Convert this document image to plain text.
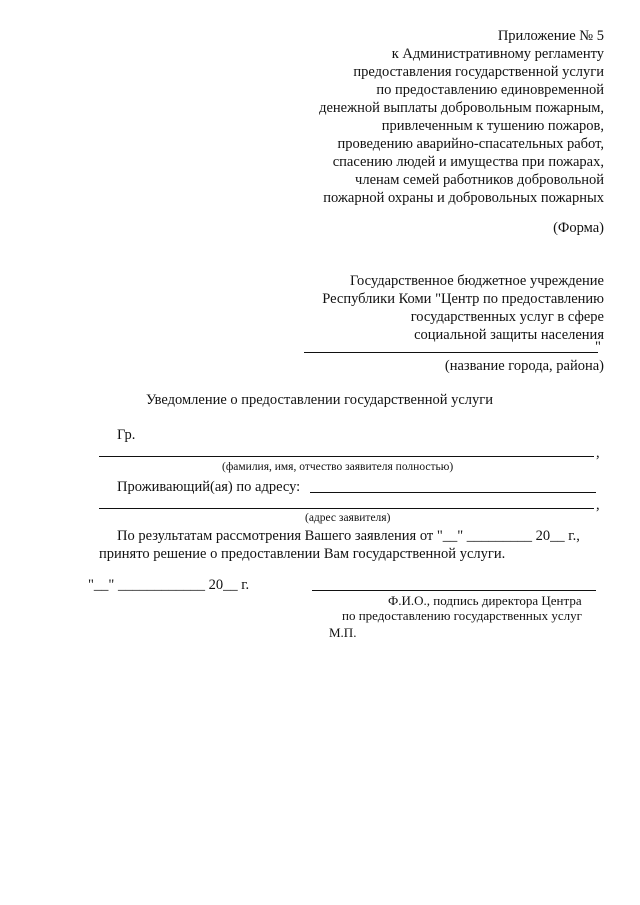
Приложение № 5
к Административному регламенту
предоставления государственной услуги
по предоставлению единовременной
денежной выплаты добровольным пожарным,
привлеченным к тушению пожаров,
проведению аварийно-спасательных работ,
спасению людей и имущества при пожарах,
членам семей работников добровольной
пожарной охраны и добровольных пожарных
(Форма)
Государственное бюджетное учреждение
Республики Коми "Центр по предоставлению
государственных услуг в сфере
социальной защиты населения
"
(название города, района)
Уведомление о предоставлении государственной услуги
Гр.
,
(фамилия, имя, отчество заявителя полностью)
Проживающий(ая) по адресу:
,
(адрес заявителя)
По результатам рассмотрения Вашего заявления от "__" _________ 20__ г.,
принято решение о предоставлении Вам государственной услуги.
"__" ____________ 20__ г.
Ф.И.О., подпись директора Центра
по предоставлению государственных услуг
М.П.
